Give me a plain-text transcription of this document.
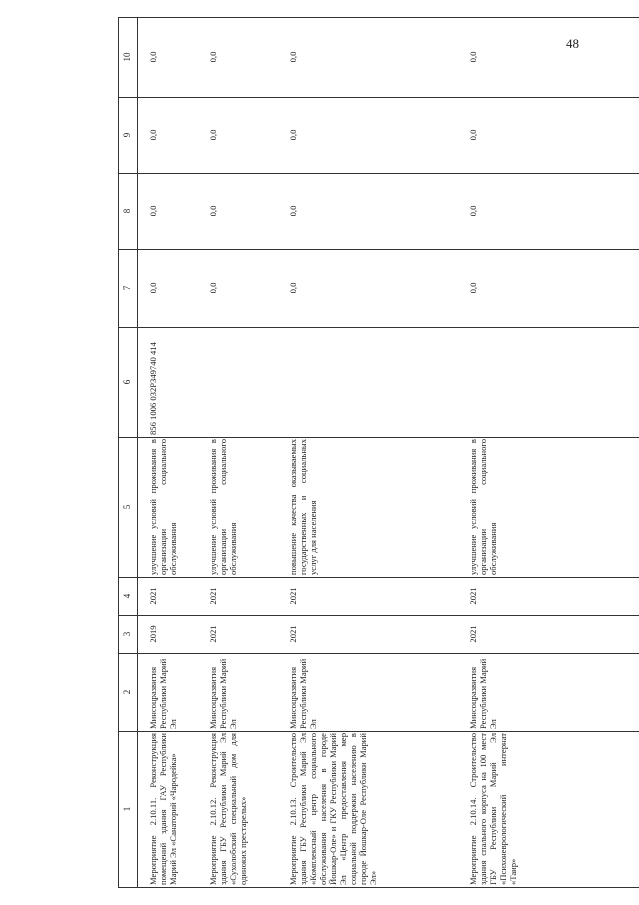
48
1	2	3	4	5	6	7	8	9	10
Мероприятие 2.10.11. Реконструкция помещений здания ГАУ Республики Марий Эл «Санаторий «Чародейка»	Минсоцразвития Республики Марий Эл	2019	2021	улучшение условий проживания в организации социального обслуживания	856 1006 032P349740 414	0,0	0,0	0,0	0,0
Мероприятие 2.10.12. Реконструкция здания ГБУ Республики Марий Эл «Сухолобский специальный дом для одиноких престарелых»	Минсоцразвития Республики Марий Эл	2021	2021	улучшение условий проживания в организации социального обслуживания		0,0	0,0	0,0	0,0
Мероприятие 2.10.13. Строительство здания ГБУ Республики Марий Эл «Комплексный центр социального обслуживания населения в городе Йошкар-Оле» и ГКУ Республики Марий Эл «Центр предоставления мер социальной поддержки населению в городе Йошкар-Оле Республики Марий Эл»	Минсоцразвития Республики Марий Эл	2021	2021	повышение качества оказываемых государственных и социальных услуг для населения		0,0	0,0	0,0	0,0
Мероприятие 2.10.14. Строительство здания спального корпуса на 100 мест ГБУ Республики Марий Эл «Психоневрологический интернат «Таир»	Минсоцразвития Республики Марий Эл	2021	2021	улучшение условий проживания в организации социального обслуживания		0,0	0,0	0,0	0,0
